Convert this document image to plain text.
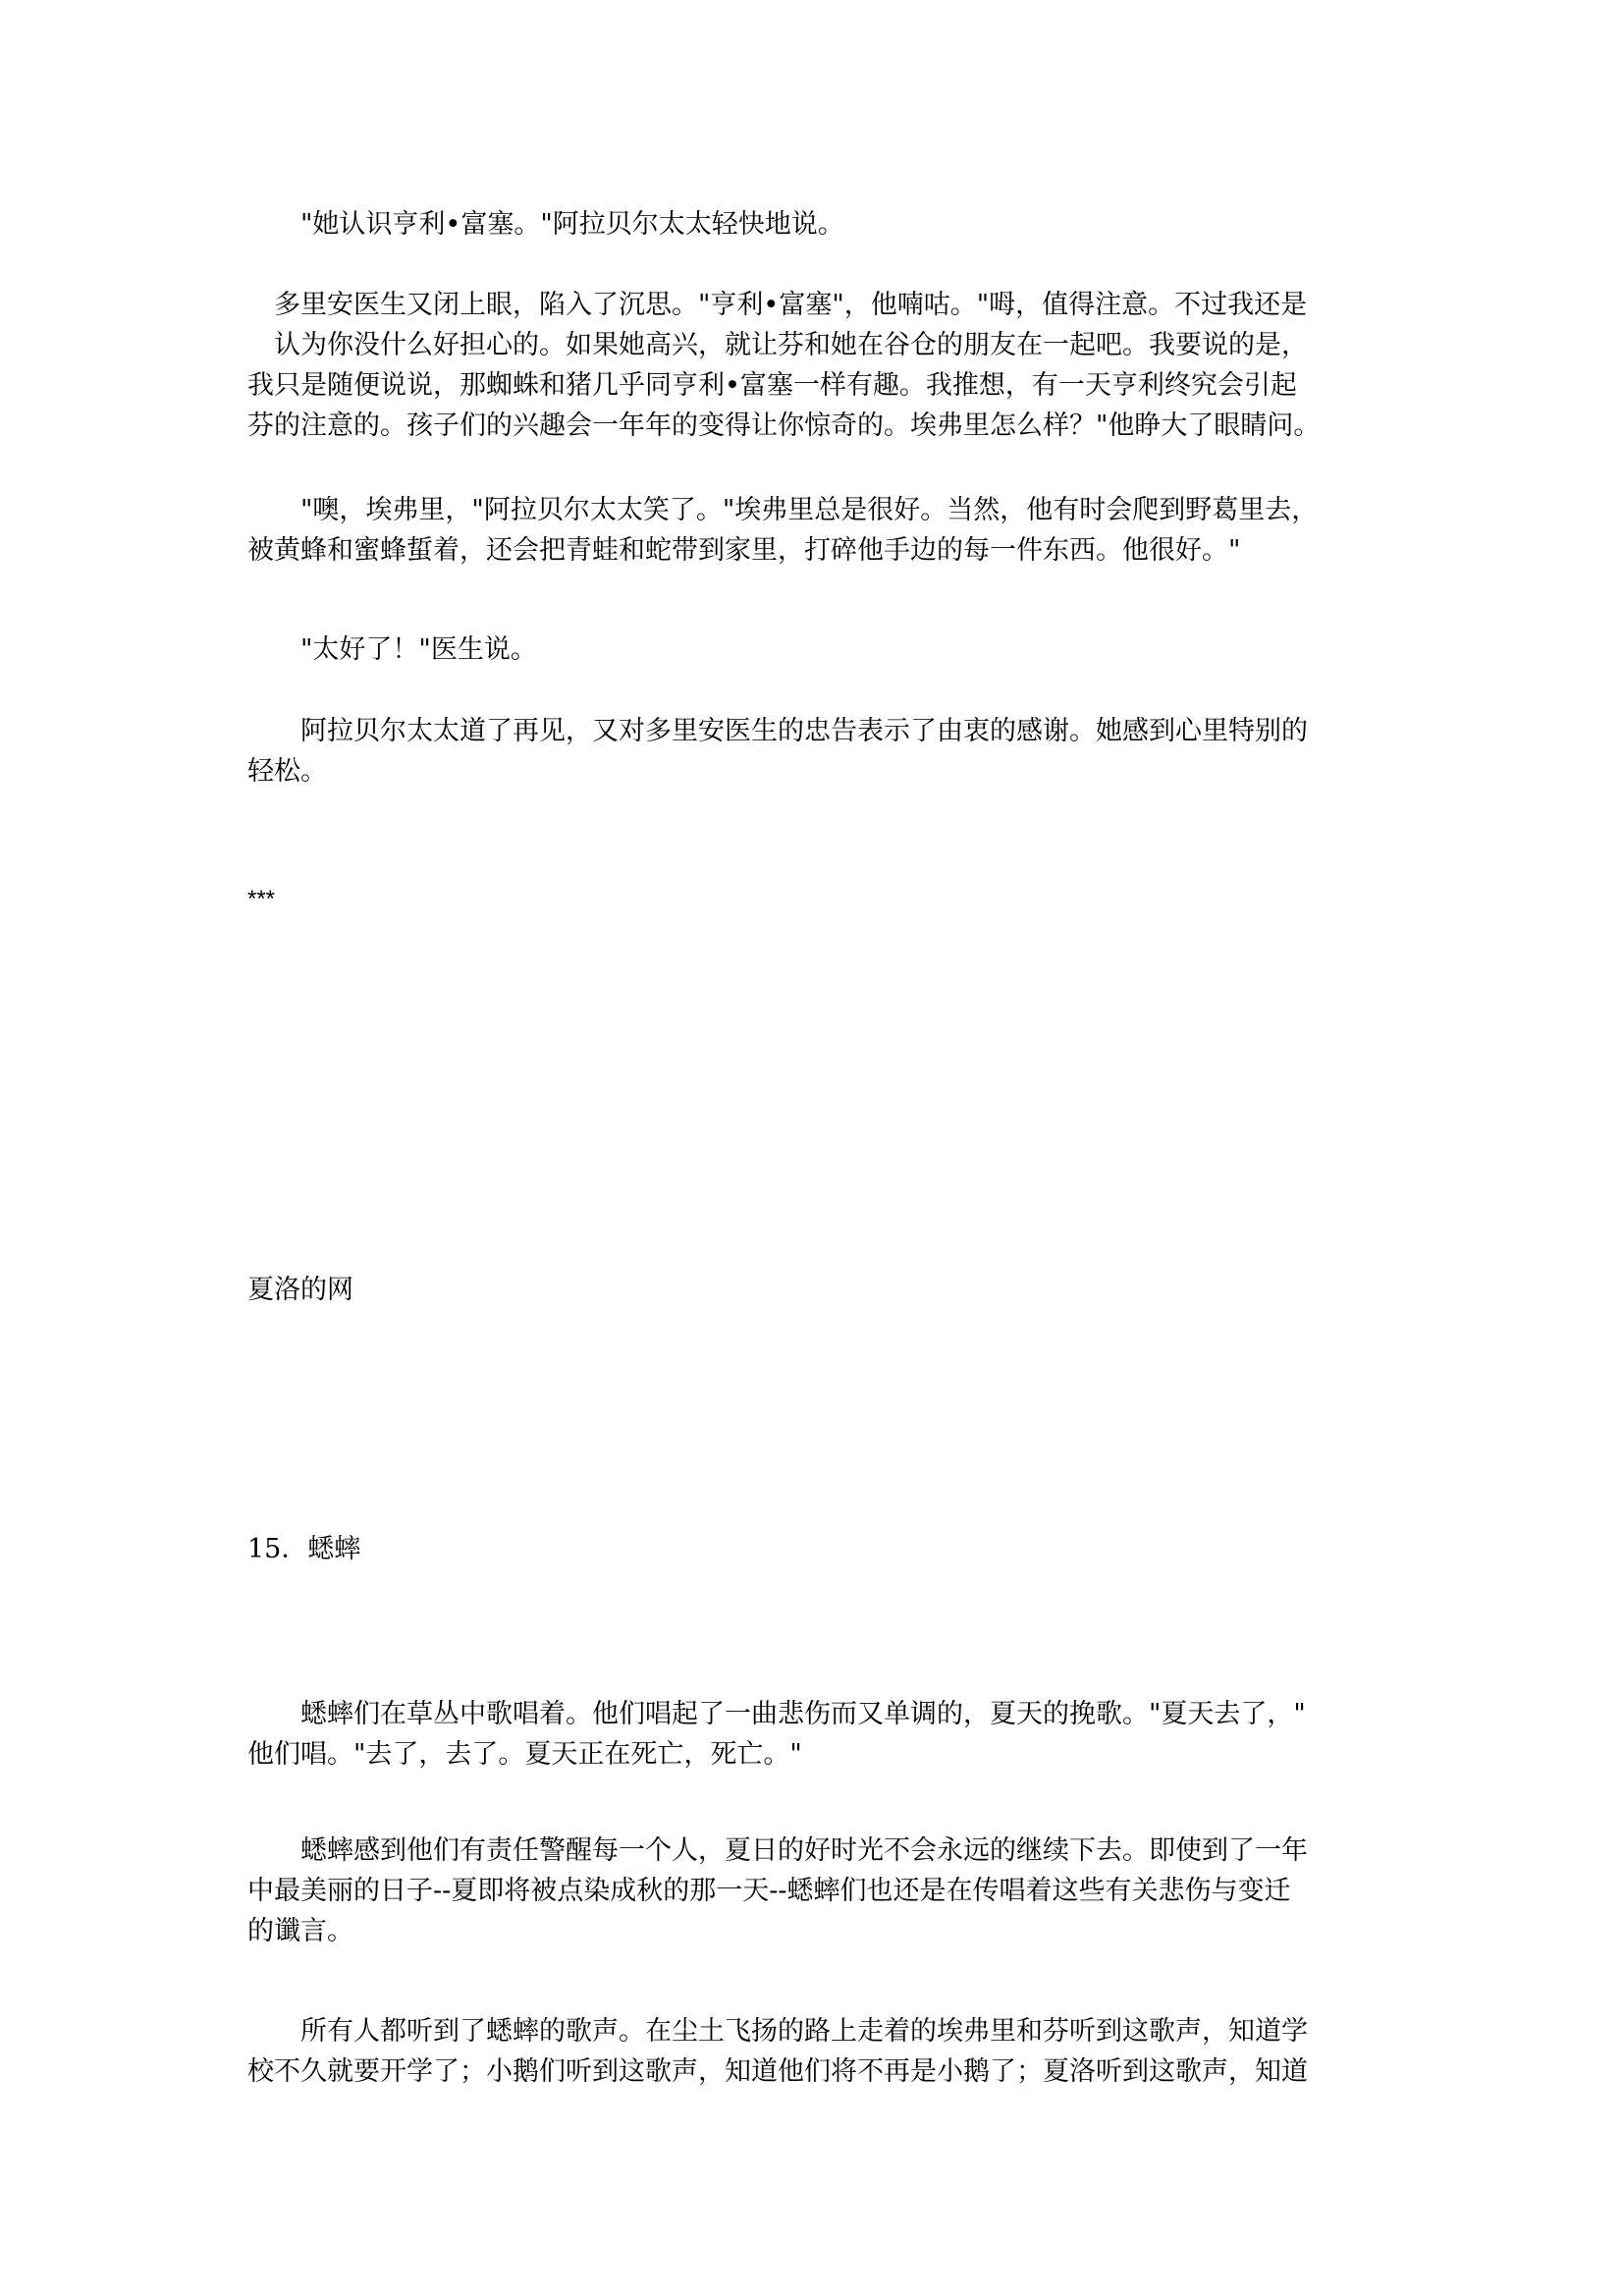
　　"她认识亨利•富塞。"阿拉贝尔太太轻快地说。
　多里安医生又闭上眼，陷入了沉思。"亨利•富塞"，他喃咕。"呣，值得注意。不过我还是
　认为你没什么好担心的。如果她高兴，就让芬和她在谷仓的朋友在一起吧。我要说的是，
我只是随便说说，那蜘蛛和猪几乎同亨利•富塞一样有趣。我推想，有一天亨利终究会引起
芬的注意的。孩子们的兴趣会一年年的变得让你惊奇的。埃弗里怎么样？"他睁大了眼睛问。
　　"噢，埃弗里，"阿拉贝尔太太笑了。"埃弗里总是很好。当然，他有时会爬到野葛里去，
被黄蜂和蜜蜂蜇着，还会把青蛙和蛇带到家里，打碎他手边的每一件东西。他很好。"
　　"太好了！"医生说。
　　阿拉贝尔太太道了再见，又对多里安医生的忠告表示了由衷的感谢。她感到心里特别的
轻松。
***
夏洛的网
15．蟋蟀
　　蟋蟀们在草丛中歌唱着。他们唱起了一曲悲伤而又单调的，夏天的挽歌。"夏天去了，"
他们唱。"去了，去了。夏天正在死亡，死亡。"
　　蟋蟀感到他们有责任警醒每一个人，夏日的好时光不会永远的继续下去。即使到了一年
中最美丽的日子--夏即将被点染成秋的那一天--蟋蟀们也还是在传唱着这些有关悲伤与变迁
的谶言。
　　所有人都听到了蟋蟀的歌声。在尘土飞扬的路上走着的埃弗里和芬听到这歌声，知道学
校不久就要开学了；小鹅们听到这歌声，知道他们将不再是小鹅了；夏洛听到这歌声，知道
